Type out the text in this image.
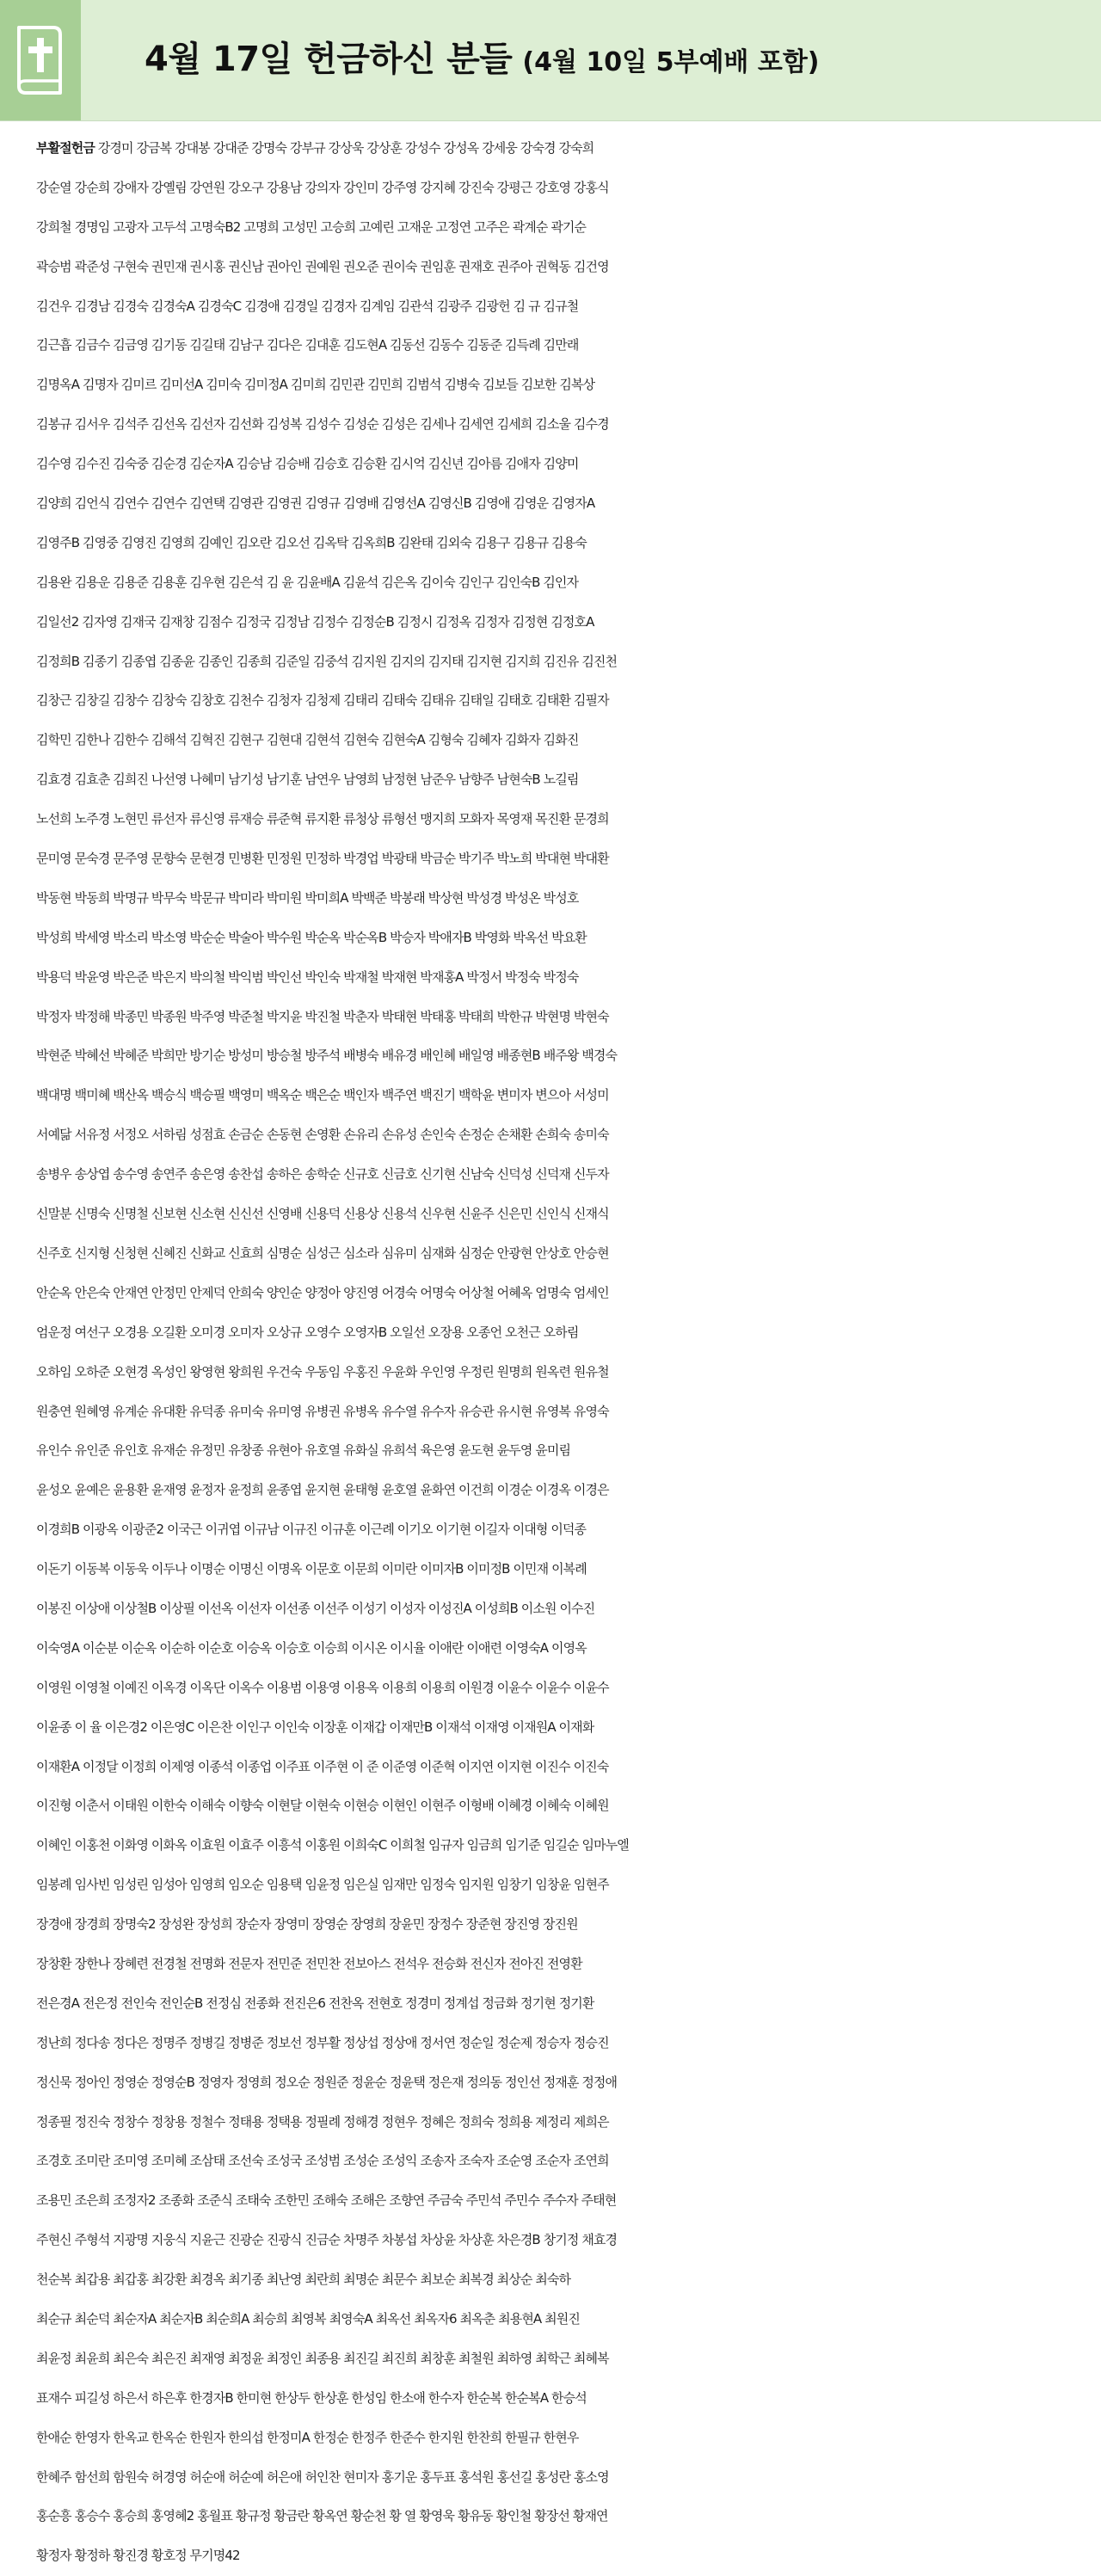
4월 17일 헌금하신 분들 (4월 10일 5부예배 포함)
부활절헌금 강경미 강금복 강대봉 강대준 강명숙 강부규 강상욱 강상훈 강성수 강성옥 강세웅 강숙경 강숙희
강순열 강순희 강애자 강옐림 강연원 강오구 강용남 강의자 강인미 강주영 강지혜 강진숙 강평근 강호영 강홍식
강희철 경명임 고광자 고두석 고명숙B2 고명희 고성민 고승희 고예린 고재운 고정연 고주은 곽계순 곽기순
곽승범 곽준성 구현숙 권민재 권시홍 권신남 권아인 권예원 권오준 권이숙 권임훈 권재호 권주아 권혁동 김건영
김건우 김경남 김경숙 김경숙A 김경숙C 김경애 김경일 김경자 김계임 김관석 김광주 김광헌 김 규 김규철
김근흡 김금수 김금영 김기동 김길태 김남구 김다은 김대훈 김도현A 김동선 김동수 김동준 김득례 김만래
김명옥A 김명자 김미르 김미선A 김미숙 김미정A 김미희 김민관 김민희 김범석 김병숙 김보들 김보한 김복상
김봉규 김서우 김석주 김선옥 김선자 김선화 김성복 김성수 김성순 김성은 김세나 김세연 김세희 김소울 김수경
김수영 김수진 김숙중 김순경 김순자A 김승남 김승배 김승호 김승환 김시억 김신년 김아름 김애자 김양미
김양희 김언식 김연수 김연수 김연택 김영관 김영권 김영규 김영배 김영선A 김영신B 김영애 김영운 김영자A
김영주B 김영중 김영진 김영희 김예인 김오란 김오선 김옥탁 김옥희B 김완태 김외숙 김용구 김용규 김용숙
김용완 김용운 김용준 김용훈 김우현 김은석 김 윤 김윤배A 김윤석 김은옥 김이숙 김인구 김인숙B 김인자
김일선2 김자영 김재국 김재창 김점수 김정국 김정남 김정수 김정순B 김정시 김정옥 김정자 김정현 김정호A
김정희B 김종기 김종엽 김종윤 김종인 김종희 김준일 김중석 김지원 김지의 김지태 김지현 김지희 김진유 김진천
김창근 김창길 김창수 김창숙 김창호 김천수 김청자 김청제 김태리 김태숙 김태유 김태일 김태호 김태환 김필자
김학민 김한나 김한수 김해석 김혁진 김현구 김현대 김현석 김현숙 김현숙A 김형숙 김혜자 김화자 김화진
김효경 김효춘 김희진 나선영 나혜미 남기성 남기훈 남연우 남영희 남정현 남준우 남향주 남현숙B 노길림
노선희 노주경 노현민 류선자 류신영 류재승 류준혁 류지환 류청상 류형선 맹지희 모화자 목영재 목진환 문경희
문미영 문숙경 문주영 문향숙 문현경 민병환 민정원 민정하 박경업 박광태 박금순 박기주 박노희 박대현 박대환
박동현 박동희 박명규 박무숙 박문규 박미라 박미원 박미희A 박백준 박봉래 박상현 박성경 박성온 박성호
박성희 박세영 박소리 박소영 박순순 박술아 박수원 박순옥 박순옥B 박승자 박애자B 박영화 박옥선 박요환
박용덕 박윤영 박은준 박은지 박의철 박익범 박인선 박인숙 박재철 박재현 박재홍A 박정서 박정숙 박정숙
박정자 박정해 박종민 박종원 박주영 박준철 박지윤 박진철 박춘자 박태현 박태홍 박태희 박한규 박현명 박현숙
박현준 박혜선 박혜준 박희만 방기순 방성미 방승철 방주석 배병숙 배유경 배인혜 배일영 배종현B 배주왕 백경숙
백대명 백미혜 백산옥 백승식 백승필 백영미 백옥순 백은순 백인자 백주연 백진기 백학윤 변미자 변으아 서성미
서예닮 서유정 서정오 서하림 성점효 손금순 손동현 손영환 손유리 손유성 손인숙 손정순 손채환 손희숙 송미숙
송병우 송상엽 송수영 송연주 송은영 송찬섭 송하은 송학순 신규호 신금호 신기현 신남숙 신덕성 신덕재 신두자
신말분 신명숙 신명철 신보현 신소현 신신선 신영배 신용덕 신용상 신용석 신우현 신윤주 신은민 신인식 신재식
신주호 신지형 신청현 신혜진 신화교 신효희 심명순 심성근 심소라 심유미 심재화 심정순 안광현 안상호 안승현
안순옥 안은숙 안재연 안정민 안제덕 안희숙 양인순 양정아 양진영 어경숙 어명숙 어상철 어혜옥 엄명숙 엄세인
엄운정 여선구 오경용 오길환 오미경 오미자 오상규 오영수 오영자B 오일선 오장용 오종언 오천근 오하림
오하임 오하준 오현경 옥성인 왕영현 왕희원 우건숙 우동임 우홍진 우윤화 우인영 우정린 원명희 원옥련 원유철
원충연 원혜영 유계순 유대환 유덕종 유미숙 유미영 유병권 유병옥 유수열 유수자 유승관 유시현 유영복 유영숙
유인수 유인준 유인호 유재순 유정민 유창종 유현아 유호열 유화실 유희석 육은영 윤도현 윤두영 윤미림
윤성오 윤예은 윤용환 윤재영 윤정자 윤정희 윤종엽 윤지현 윤태형 윤호열 윤화연 이건희 이경순 이경옥 이경은
이경희B 이광옥 이광준2 이국근 이귀엽 이규남 이규진 이규훈 이근례 이기오 이기현 이길자 이대형 이덕종
이돈기 이동복 이동욱 이두나 이명순 이명신 이명옥 이문호 이문희 이미란 이미자B 이미정B 이민재 이복례
이봉진 이상애 이상철B 이상필 이선옥 이선자 이선종 이선주 이성기 이성자 이성진A 이성희B 이소원 이수진
이숙영A 이순분 이순옥 이순하 이순호 이승옥 이승호 이승희 이시온 이시율 이애란 이애련 이영숙A 이영옥
이영원 이영철 이예진 이옥경 이옥단 이옥수 이용범 이용영 이용옥 이용희 이용희 이원경 이윤수 이윤수 이윤수
이윤종 이 율 이은경2 이은영C 이은찬 이인구 이인숙 이장훈 이재갑 이재만B 이재석 이재영 이재원A 이재화
이재환A 이정달 이정희 이제영 이종석 이종업 이주표 이주현 이 준 이준영 이준혁 이지연 이지현 이진수 이진숙
이진형 이춘서 이태원 이한숙 이해숙 이향숙 이현달 이현숙 이현승 이현인 이현주 이형배 이혜경 이혜숙 이혜원
이혜인 이홍천 이화영 이화옥 이효원 이효주 이흥석 이홍원 이희숙C 이희철 임규자 임금희 임기준 임길순 임마누엘
임봉례 임사빈 임성린 임성아 임영희 임오순 임용택 임윤정 임은실 임재만 임정숙 임지원 임창기 임창윤 임현주
장경애 장경희 장명숙2 장성완 장성희 장순자 장영미 장영순 장영희 장윤민 장정수 장준현 장진영 장진원
장창환 장한나 장혜련 전경철 전명화 전문자 전민준 전민찬 전보아스 전석우 전승화 전신자 전아진 전영환
전은경A 전은정 전인숙 전인순B 전정심 전종화 전진은6 전찬옥 전현호 정경미 정계섭 정금화 정기현 정기환
정난희 정다송 정다은 정명주 정병길 정병준 정보선 정부활 정상섭 정상애 정서연 정순일 정순제 정승자 정승진
정신묵 정아인 정영순 정영순B 정영자 정영희 정오순 정원준 정윤순 정윤택 정은재 정의동 정인선 정재훈 정정애
정종필 정진숙 정창수 정창용 정철수 정태용 정택용 정필례 정해경 정현우 정혜은 정희숙 정희용 제정리 제희은
조경호 조미란 조미영 조미혜 조삼태 조선숙 조성국 조성범 조성순 조성익 조송자 조숙자 조순영 조순자 조연희
조용민 조은희 조정자2 조종화 조준식 조태숙 조한민 조해숙 조해은 조향연 주금숙 주민석 주민수 주수자 주태현
주현신 주형석 지광명 지웅식 지윤근 진광순 진광식 진금순 차명주 차봉섭 차상윤 차상훈 차은경B 창기정 채효경
천순복 최갑용 최갑홍 최강환 최경옥 최기종 최난영 최란희 최명순 최문수 최보순 최복경 최상순 최숙하
최순규 최순덕 최순자A 최순자B 최순희A 최승희 최영복 최영숙A 최옥선 최옥자6 최옥춘 최용현A 최원진
최윤정 최윤희 최은숙 최은진 최재영 최정윤 최정인 최종용 최진길 최진희 최창훈 최철원 최하영 최학근 최혜복
표재수 피길성 하은서 하은후 한경자B 한미현 한상두 한상훈 한성임 한소애 한수자 한순복 한순복A 한승석
한애순 한영자 한옥교 한옥순 한원자 한의섭 한정미A 한정순 한정주 한준수 한지원 한찬희 한필규 한현우
한혜주 함선희 함원숙 허경영 허순애 허순예 허은애 허인찬 현미자 홍기운 홍두표 홍석원 홍선길 홍성란 홍소영
홍순흥 홍승수 홍승희 홍영혜2 홍월표 황규정 황금란 황옥연 황순천 황 열 황영욱 황유동 황인철 황장선 황재연
황정자 황정하 황진경 황호정 무기명42
